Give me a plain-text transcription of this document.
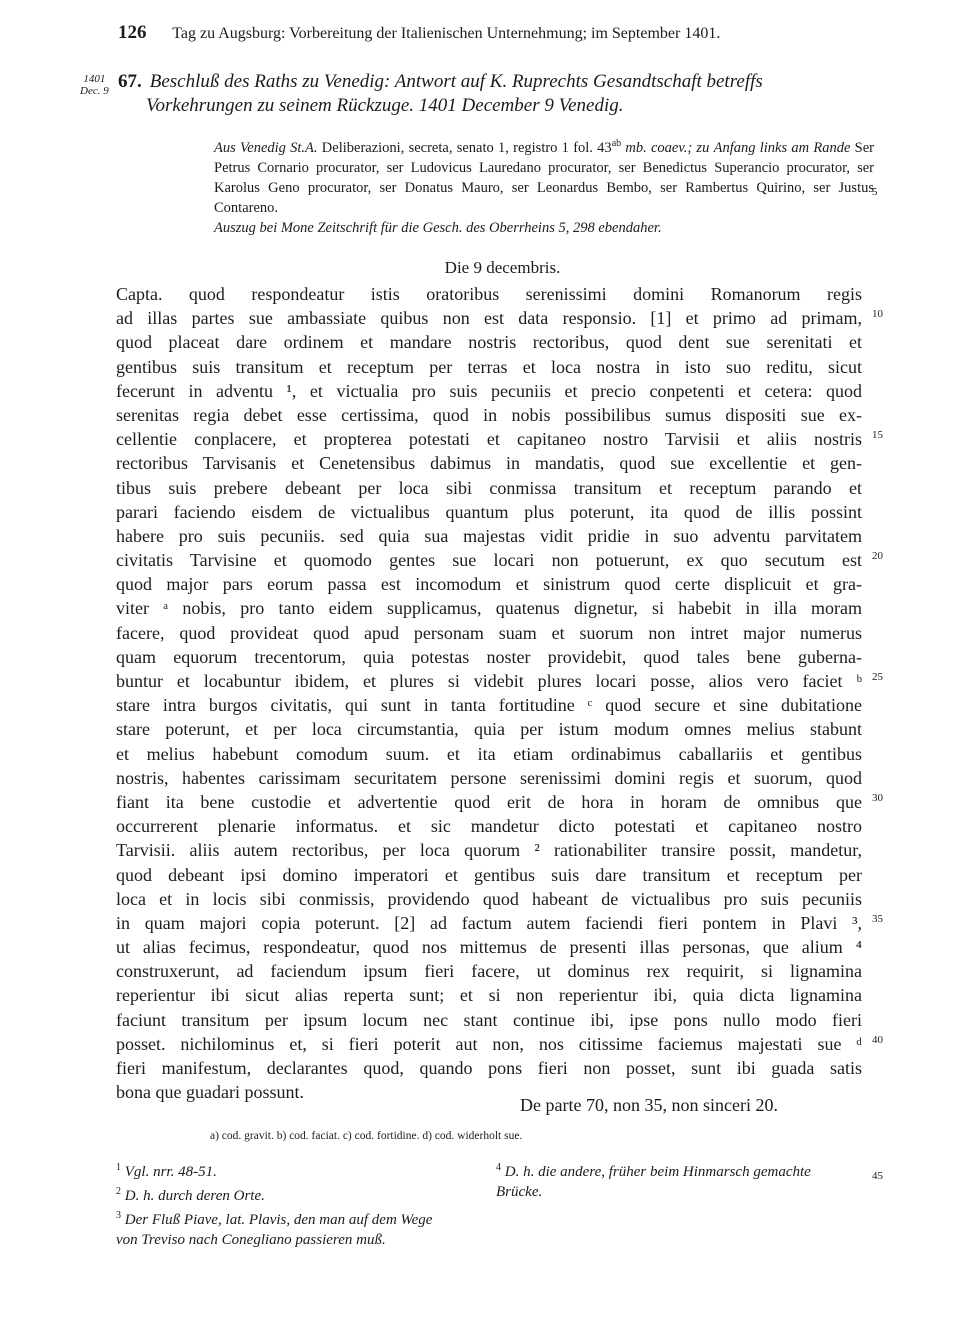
126 Tag zu Augsburg: Vorbereitung der Italienischen Unternehmung; im September 1401.
1401
Dec. 9 67. Beschluß des Raths zu Venedig: Antwort auf K. Ruprechts Gesandtschaft betreffs
Vorkehrungen zu seinem Rückzuge. 1401 December 9 Venedig.

Aus Venedig St.A. Deliberazioni, secreta, senato 1, registro 1 fol. $43^{ab}$ mb. coaev.; zu Anfang links am Rande Ser Petrus Cornario procurator, ser Ludovicus Lauredano procurator, ser Benedictus Superancio procurator, ser Karolus Geno procurator, ser Donatus Mauro, ser Leonardus Bembo, ser Rambertus Quirino, ser Justus Contareno.

Auszug bei Mone Zeitschrift für die Gesch. des Oberrheins 5, 298 ebendaher.

5
Die 9 decembris.
Capta. quod respondeatur istis oratoribus serenissimi domini Romanorum regis
ad illas partes sue ambassiate quibus non est data responsio. [1] et primo ad primam,
quod placeat dare ordinem et mandare nostris rectoribus, quod dent sue serenitati et
gentibus suis transitum et receptum per terras et loca nostra in isto suo reditu, sicut
fecerunt in adventu ¹, et victualia pro suis pecuniis et precio conpetenti et cetera: quod
serenitas regia debet esse certissima, quod in nobis possibilibus sumus dispositi sue ex-
cellentie conplacere, et propterea potestati et capitaneo nostro Tarvisii et aliis nostris
rectoribus Tarvisanis et Cenetensibus dabimus in mandatis, quod sue excellentie et gen-
tibus suis prebere debeant per loca sibi conmissa transitum et receptum parando et
parari faciendo eisdem de victualibus quantum plus poterunt, ita quod de illis possint
habere pro suis pecuniis. sed quia sua majestas vidit pridie in suo adventu parvitatem
civitatis Tarvisine et quomodo gentes sue locari non potuerunt, ex quo secutum est
quod major pars eorum passa est incomodum et sinistrum quod certe displicuit et gra-
viter ᵃ nobis, pro tanto eidem supplicamus, quatenus dignetur, si habebit in illa moram
facere, quod provideat quod apud personam suam et suorum non intret major numerus
quam equorum trecentorum, quia potestas noster providebit, quod tales bene guberna-
buntur et locabuntur ibidem, et plures si videbit plures locari posse, alios vero faciet ᵇ
stare intra burgos civitatis, qui sunt in tanta fortitudine ᶜ quod secure et sine dubitatione
stare poterunt, et per loca circumstantia, quia per istum modum omnes melius stabunt
et melius habebunt comodum suum. et ita etiam ordinabimus caballariis et gentibus
nostris, habentes carissimam securitatem persone serenissimi domini regis et suorum, quod
fiant ita bene custodie et advertentie quod erit de hora in horam de omnibus que
occurrerent plenarie informatus. et sic mandetur dicto potestati et capitaneo nostro
Tarvisii. aliis autem rectoribus, per loca quorum ² rationabiliter transire possit, mandetur,
quod debeant ipsi domino imperatori et gentibus suis dare transitum et receptum per
loca et in locis sibi conmissis, providendo quod habeant de victualibus pro suis pecuniis
in quam majori copia poterunt. [2] ad factum autem faciendi fieri pontem in Plavi ³,
ut alias fecimus, respondeatur, quod nos mittemus de presenti illas personas, que alium ⁴
construxerunt, ad faciendum ipsum fieri facere, ut dominus rex requirit, si lignamina
reperientur ibi sicut alias reperta sunt; et si non reperientur ibi, quia dicta lignamina
faciunt transitum per ipsum locum nec stant continue ibi, ipse pons nullo modo fieri
posset. nichilominus et, si fieri poterit aut non, nos citissime faciemus majestati sue ᵈ
fieri manifestum, declarantes quod, quando pons fieri non posset, sunt ibi guada satis
bona que guadari possunt.
10
15
20
25
30
35
40
De parte 70, non 35, non sinceri 20.
a) cod. gravit. b) cod. faciat. c) cod. fortidine. d) cod. widerholt sue.
$^1$ Vgl. nrr. 48-51.
$^2$ D. h. durch deren Orte.
$^3$ Der Fluß Piave, lat. Plavis, den man auf dem Wege von Treviso nach Conegliano passieren muß.
$^4$ D. h. die andere, früher beim Hinmarsch gemachte Brücke.
45
